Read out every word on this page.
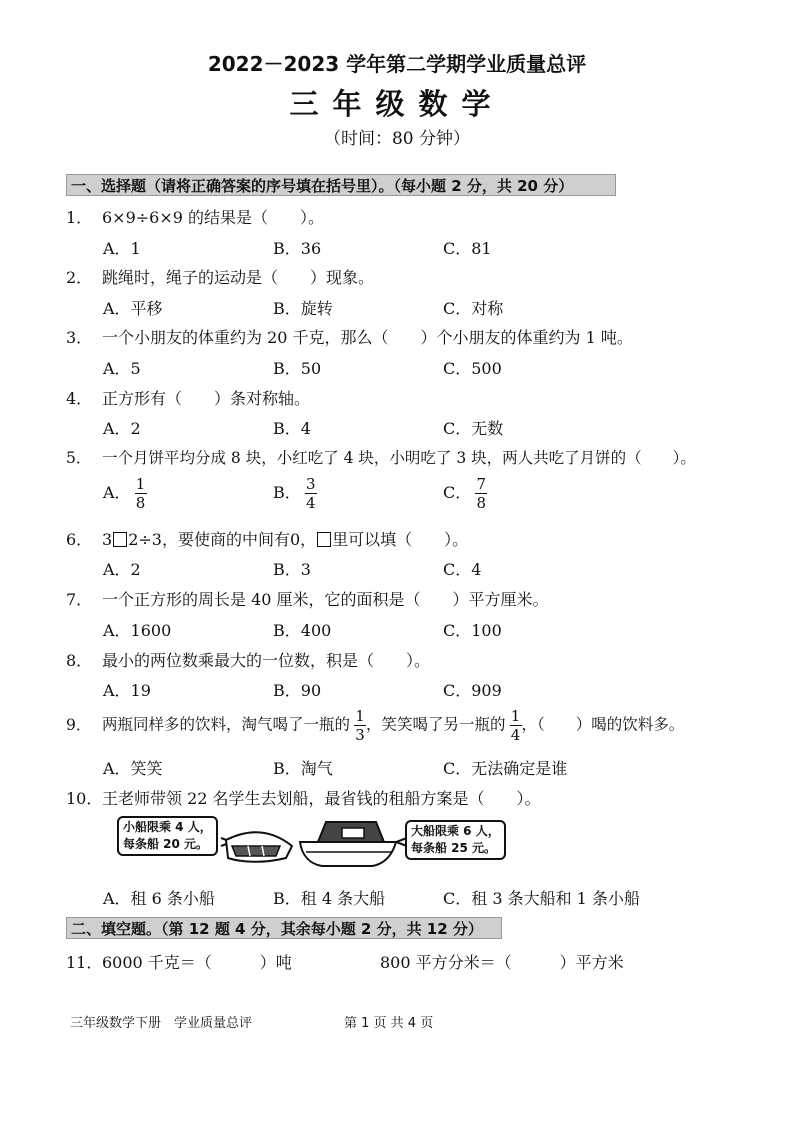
2022－2023 学年第二学期学业质量总评
三年级数学
（时间：80 分钟）
一、选择题（请将正确答案的序号填在括号里）。（每小题 2 分，共 20 分）
1． 6×9÷6×9 的结果是（　　）。
A．1	B．36	C．81
2． 跳绳时，绳子的运动是（　　）现象。
A．平移	B．旋转	C．对称
3． 一个小朋友的体重约为 20 千克，那么（　　）个小朋友的体重约为 1 吨。
A．5	B．50	C．500
4． 正方形有（　　）条对称轴。
A．2	B．4	C．无数
5． 一个月饼平均分成 8 块，小红吃了 4 块，小明吃了 3 块，两人共吃了月饼的（　　）。
A． $\frac{1}{8}$	B． $\frac{3}{4}$	C． $\frac{7}{8}$
6． 3 2÷3，要使商的中间有0， 里可以填（　　）。
A．2	B．3	C．4
7． 一个正方形的周长是 40 厘米，它的面积是（　　）平方厘米。
A．1600	B．400	C．100
8． 最小的两位数乘最大的一位数，积是（　　）。
A．19	B．90	C．909
9． 两瓶同样多的饮料，淘气喝了一瓶的 $\frac{1}{3}$ ，笑笑喝了另一瓶的 $\frac{1}{4}$ ，（　　）喝的饮料多。
A．笑笑	B．淘气	C．无法确定是谁
10．王老师带领 22 名学生去划船，最省钱的租船方案是（　　）。
小船限乘 4 人，
每条船 20 元。
大船限乘 6 人，
每条船 25 元。
A．租 6 条小船	B．租 4 条大船	C．租 3 条大船和 1 条小船
二、填空题。（第 12 题 4 分，其余每小题 2 分，共 12 分）
11．6000 千克＝（　　　）吨	800 平方分米＝（　　　）平方米
三年级数学下册　学业质量总评	第 1 页 共 4 页
